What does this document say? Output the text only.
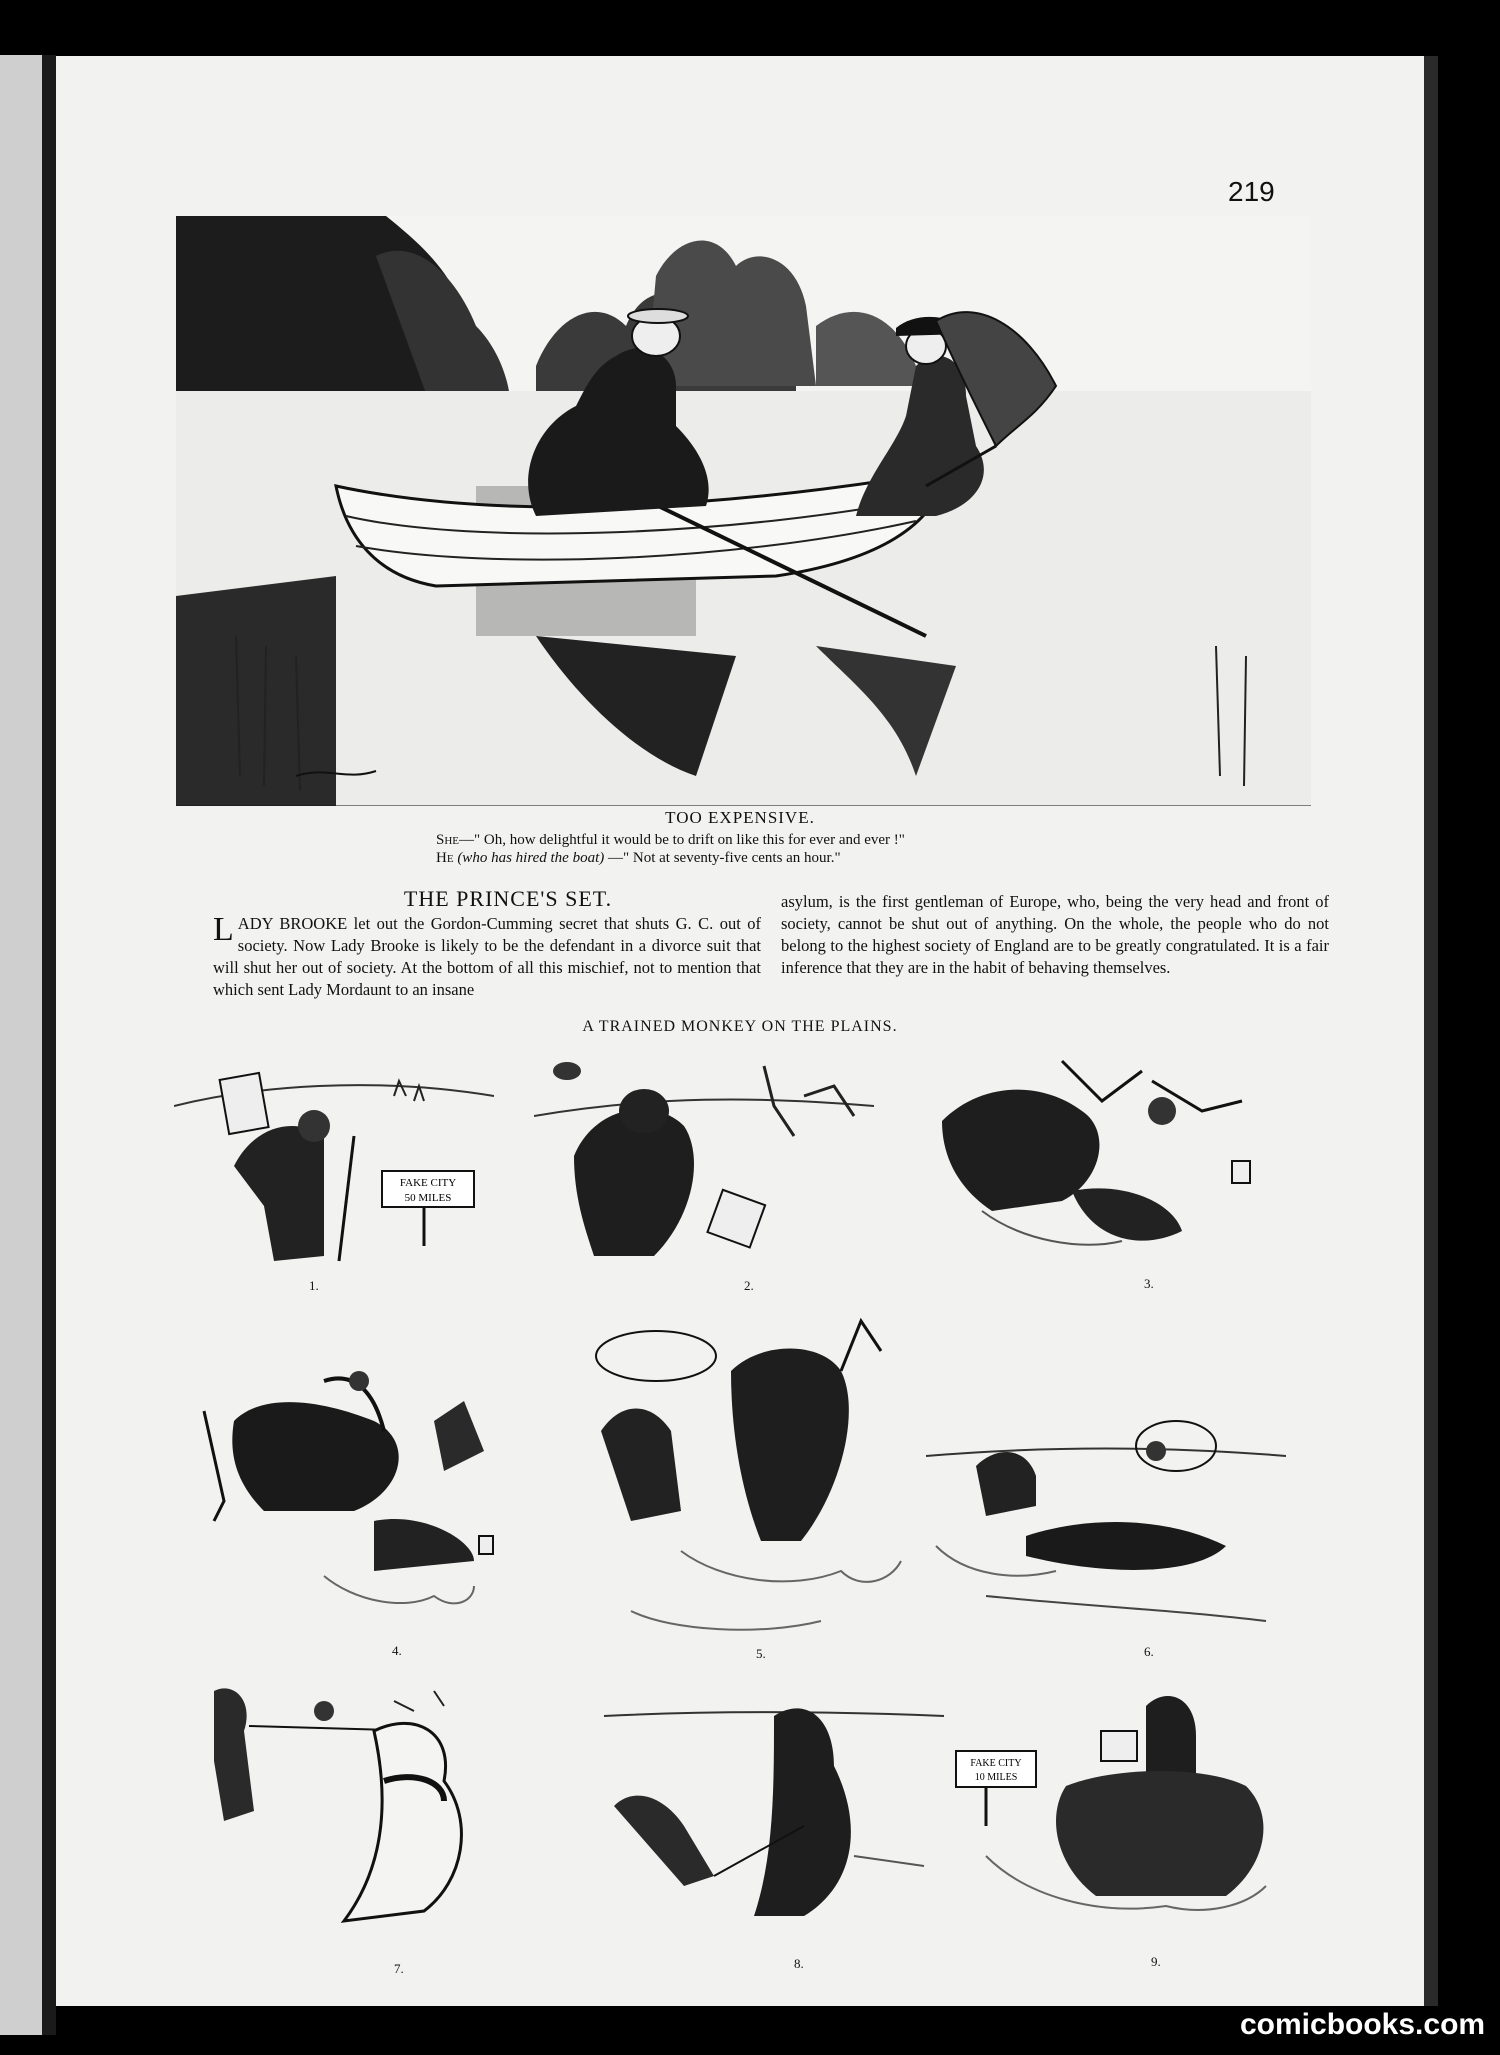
219
TOO EXPENSIVE.
She—" Oh, how delightful it would be to drift on like this for ever and ever !"
He (who has hired the boat) —" Not at seventy-five cents an hour."
THE PRINCE'S SET.
LADY BROOKE let out the Gordon-Cumming secret that shuts G. C. out of society. Now Lady Brooke is likely to be the defendant in a divorce suit that will shut her out of society. At the bottom of all this mischief, not to mention that which sent Lady Mordaunt to an insane
asylum, is the first gentleman of Europe, who, being the very head and front of society, cannot be shut out of anything. On the whole, the people who do not belong to the highest society of England are to be greatly congratulated. It is a fair inference that they are in the habit of behaving themselves.
A TRAINED MONKEY ON THE PLAINS.
FAKE CITY
50 MILES
1.	2.	3.
4.	5.	6.
7.	8.
FAKE CITY
10 MILES
9.
comicbooks.com
